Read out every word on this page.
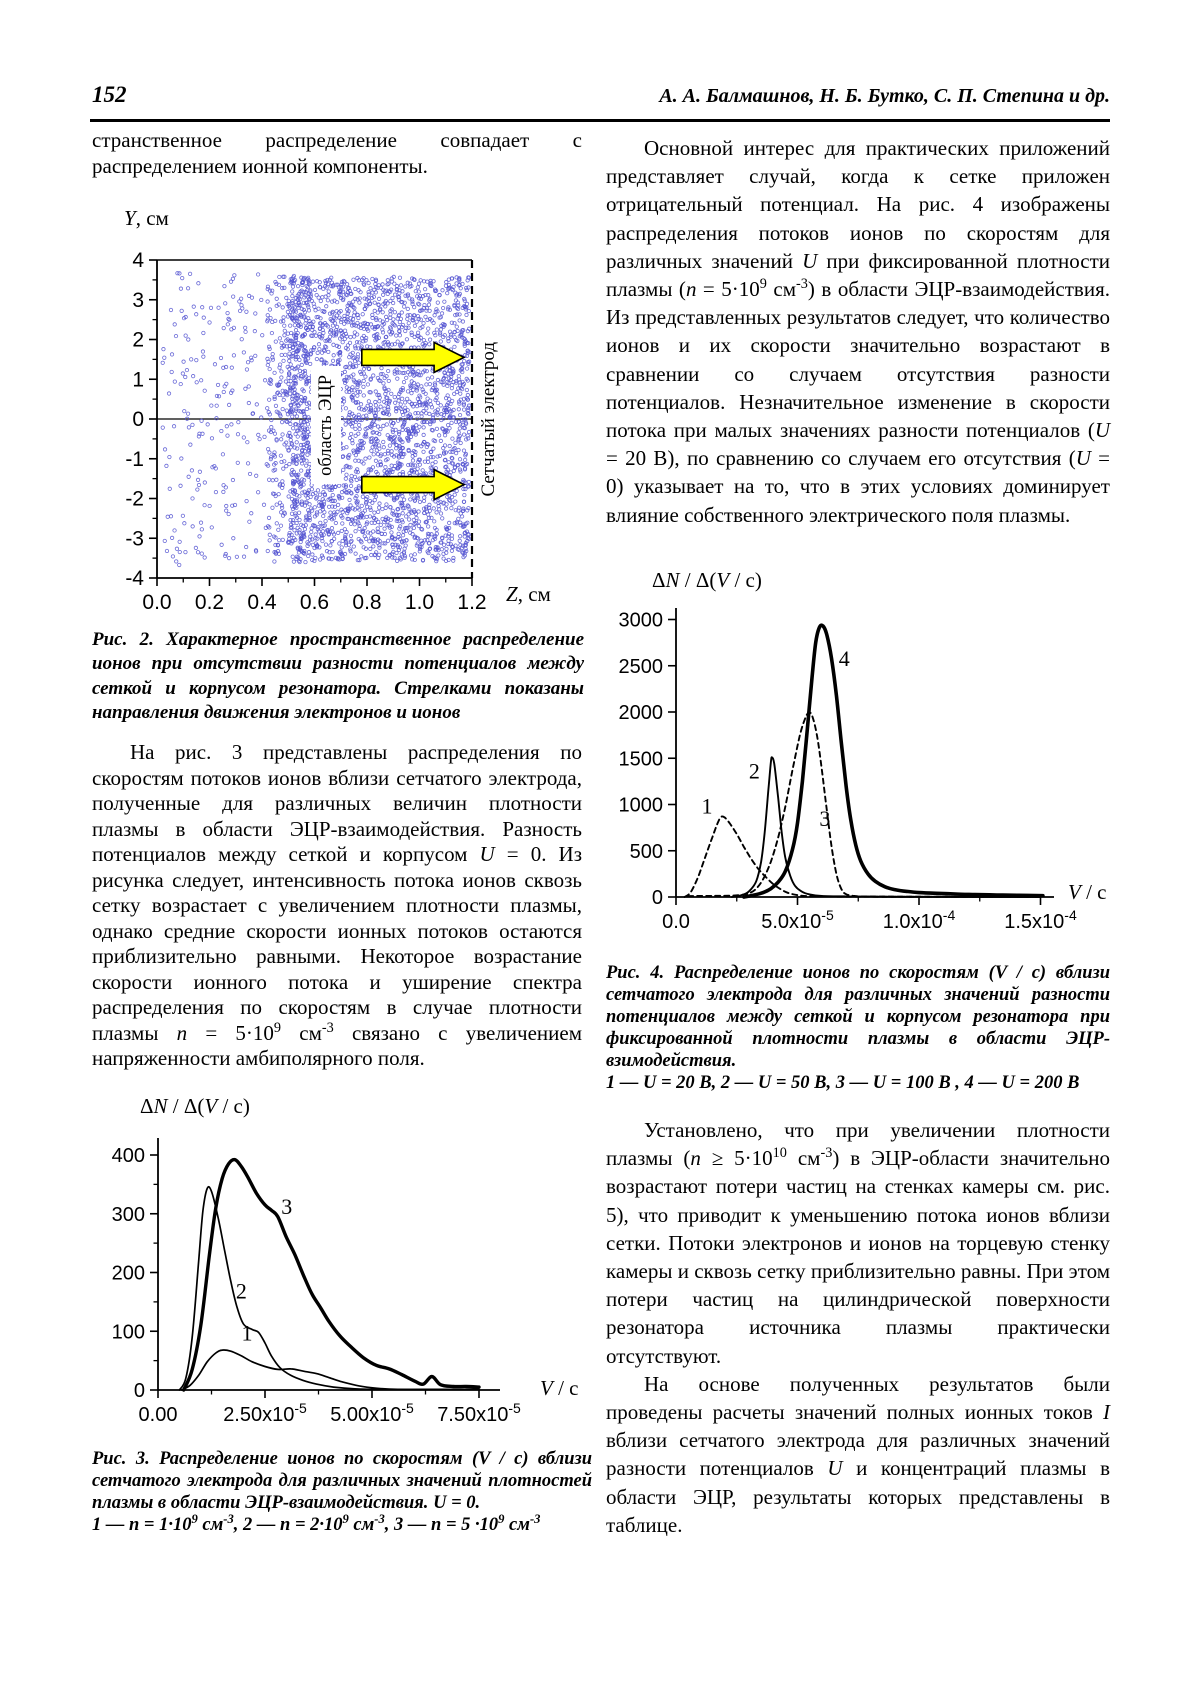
152	А. А. Балмашнов, Н. Б. Бутко, С. П. Степина и др.

странственное распределение совпадает с распределением ионной компоненты.

область ЭЦР	Сетчатый электрод
Рис. 2. Характерное пространственное распределение ионов при отсутствии разности потенциалов между сеткой и корпусом резонатора. Стрелками показаны направления движения электронов и ионов

На рис. 3 представлены распределения по скоростям потоков ионов вблизи сетчатого электрода, полученные для различных величин плотности плазмы в области ЭЦР-взаимодействия. Разность потенциалов между сеткой и корпусом U = 0. Из рисунка следует, интенсивность потока ионов сквозь сетку возрастает с увеличением плотности плазмы, однако средние скорости ионных потоков остаются приблизительно равными. Некоторое возрастание скорости ионного потока и уширение спектра распределения по скоростям в случае плотности плазмы $n = 5\cdot 10^9$ $см^{-3}$ связано с увеличением напряженности амбиполярного поля.

ΔN / Δ(V / c)
V / c
0
100
200
300
400
0.00 $2.50x10^{-5}$ $5.00x10^{-5}$ $7.50x10^{-5}$
1
2
3

Рис. 3. Распределение ионов по скоростям (V / c) вблизи сетчатого электрода для различных значений плотностей плазмы в области ЭЦР-взаимодействия. U = 0.

1 — $n = 1\cdot 10^9$ $см^{-3}$, 2 — $n = 2\cdot 10^9$ $см^{-3}$, 3 — $n = 5 \cdot 10^9$ $см^{-3}$

Основной интерес для практических приложений представляет случай, когда к сетке приложен отрицательный потенциал. На рис. 4 изображены распределения потоков ионов по скоростям для различных значений U при фиксированной плотности плазмы ($n = 5\cdot 10^9$ $см^{-3}$) в области ЭЦР-взаимодействия. Из представленных результатов следует, что количество ионов и их скорости значительно возрастают в сравнении со случаем отсутствия разности потенциалов. Незначительное изменение в скорости потока при малых значениях разности потенциалов (U = 20 В), по сравнению со случаем его отсутствия (U = 0) указывает на то, что в этих условиях доминирует влияние собственного электрического поля плазмы.

ΔN / Δ(V / c)
V / c
0
500
1000
1500
2000
2500
3000
0.0	$5.0x10^{-5}$ $1.0x10^{-4}$ $1.5x10^{-4}$
1
2
3
4

Рис. 4. Распределение ионов по скоростям (V / c) вблизи сетчатого электрода для различных значений разности потенциалов между сеткой и корпусом резонатора при фиксированной плотности плазмы в области ЭЦР-взимодействия.

1 — U = 20 В, 2 — U = 50 В, 3 — U = 100 В , 4 — U = 200 В

Установлено, что при увеличении плотности плазмы ($n \ge 5\cdot 10^{10}$ $см^{-3}$) в ЭЦР-области значительно возрастают потери частиц на стенках камеры см. рис. 5), что приводит к уменьшению потока ионов вблизи сетки. Потоки электронов и ионов на торцевую стенку камеры и сквозь сетку приблизительно равны. При этом потери частиц на цилиндрической поверхности резонатора источника плазмы практически отсутствуют.

На основе полученных результатов были проведены расчеты значений полных ионных токов I вблизи сетчатого электрода для различных значений разности потенциалов U и концентраций плазмы в области ЭЦР, результаты которых представлены в таблице.
